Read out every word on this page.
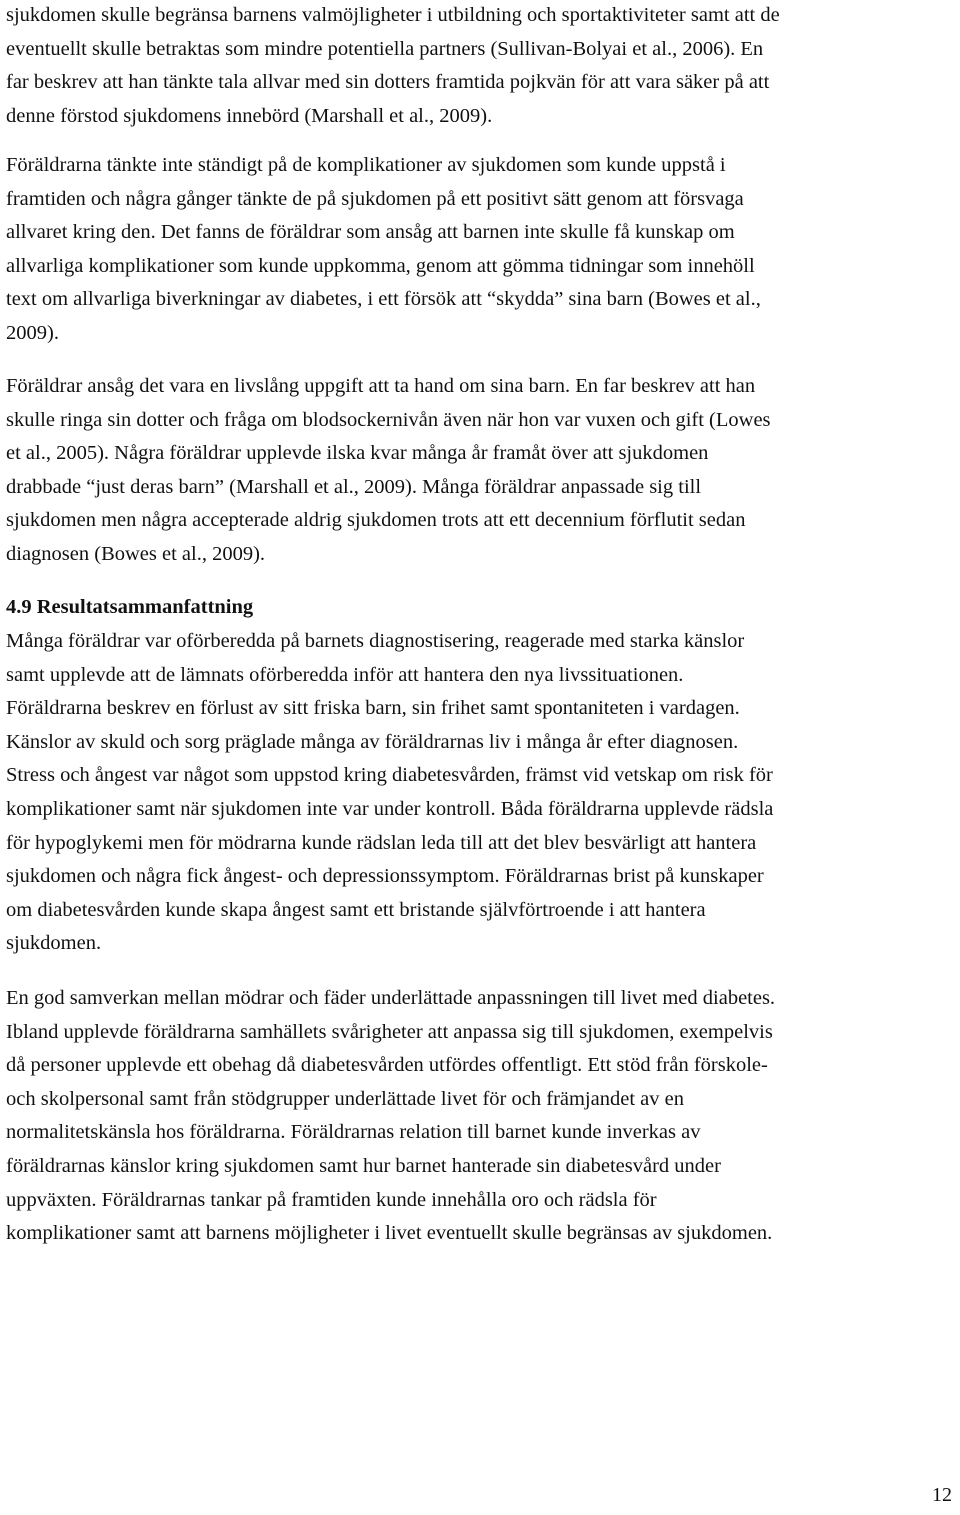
sjukdomen skulle begränsa barnens valmöjligheter i utbildning och sportaktiviteter samt att de
eventuellt skulle betraktas som mindre potentiella partners (Sullivan-Bolyai et al., 2006). En
far beskrev att han tänkte tala allvar med sin dotters framtida pojkvän för att vara säker på att
denne förstod sjukdomens innebörd (Marshall et al., 2009).
Föräldrarna tänkte inte ständigt på de komplikationer av sjukdomen som kunde uppstå i
framtiden och några gånger tänkte de på sjukdomen på ett positivt sätt genom att försvaga
allvaret kring den. Det fanns de föräldrar som ansåg att barnen inte skulle få kunskap om
allvarliga komplikationer som kunde uppkomma, genom att gömma tidningar som innehöll
text om allvarliga biverkningar av diabetes, i ett försök att “skydda” sina barn (Bowes et al.,
2009).
Föräldrar ansåg det vara en livslång uppgift att ta hand om sina barn. En far beskrev att han
skulle ringa sin dotter och fråga om blodsockernivån även när hon var vuxen och gift (Lowes
et al., 2005). Några föräldrar upplevde ilska kvar många år framåt över att sjukdomen
drabbade “just deras barn” (Marshall et al., 2009). Många föräldrar anpassade sig till
sjukdomen men några accepterade aldrig sjukdomen trots att ett decennium förflutit sedan
diagnosen (Bowes et al., 2009).
4.9 Resultatsammanfattning
Många föräldrar var oförberedda på barnets diagnostisering, reagerade med starka känslor
samt upplevde att de lämnats oförberedda inför att hantera den nya livssituationen.
Föräldrarna beskrev en förlust av sitt friska barn, sin frihet samt spontaniteten i vardagen.
Känslor av skuld och sorg präglade många av föräldrarnas liv i många år efter diagnosen.
Stress och ångest var något som uppstod kring diabetesvården, främst vid vetskap om risk för
komplikationer samt när sjukdomen inte var under kontroll. Båda föräldrarna upplevde rädsla
för hypoglykemi men för mödrarna kunde rädslan leda till att det blev besvärligt att hantera
sjukdomen och några fick ångest- och depressionssymptom. Föräldrarnas brist på kunskaper
om diabetesvården kunde skapa ångest samt ett bristande självförtroende i att hantera
sjukdomen.
En god samverkan mellan mödrar och fäder underlättade anpassningen till livet med diabetes.
Ibland upplevde föräldrarna samhällets svårigheter att anpassa sig till sjukdomen, exempelvis
då personer upplevde ett obehag då diabetesvården utfördes offentligt. Ett stöd från förskole-
och skolpersonal samt från stödgrupper underlättade livet för och främjandet av en
normalitetskänsla hos föräldrarna. Föräldrarnas relation till barnet kunde inverkas av
föräldrarnas känslor kring sjukdomen samt hur barnet hanterade sin diabetesvård under
uppväxten. Föräldrarnas tankar på framtiden kunde innehålla oro och rädsla för
komplikationer samt att barnens möjligheter i livet eventuellt skulle begränsas av sjukdomen.
12
